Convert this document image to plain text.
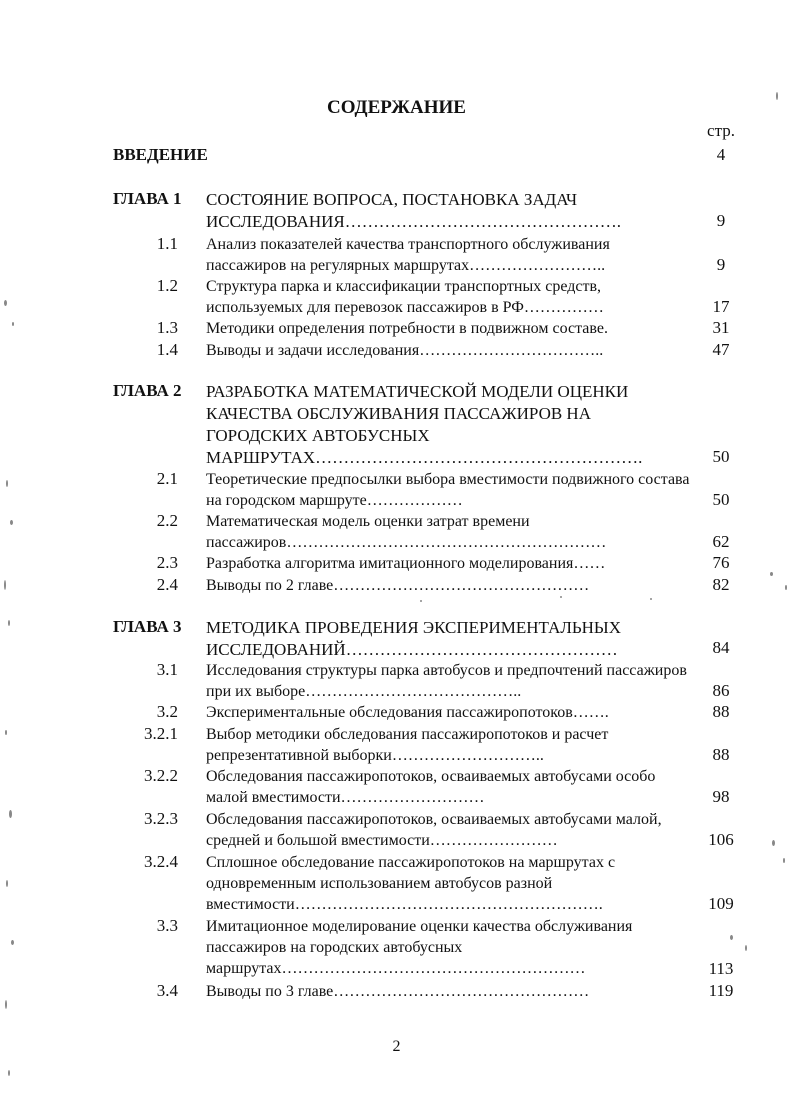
СОДЕРЖАНИЕ
стр.
ВВЕДЕНИЕ	4
ГЛАВА 1 СОСТОЯНИЕ ВОПРОСА, ПОСТАНОВКА ЗАДАЧ ИССЛЕДОВАНИЯ………………………………………….	9
1.1 Анализ показателей качества транспортного обслуживания пассажиров на регулярных маршрутах……………………..	9
1.2 Структура парка и классификации транспортных средств, используемых для перевозок пассажиров в РФ……………	17
1.3 Методики определения потребности в подвижном составе.	31
1.4 Выводы и задачи исследования……………………………..	47
ГЛАВА 2 РАЗРАБОТКА МАТЕМАТИЧЕСКОЙ МОДЕЛИ ОЦЕНКИ КАЧЕСТВА ОБСЛУЖИВАНИЯ ПАССАЖИРОВ НА ГОРОДСКИХ АВТОБУСНЫХ МАРШРУТАХ………………………………………………….	50
2.1 Теоретические предпосылки выбора вместимости подвижного состава на городском маршруте………………	50
2.2 Математическая модель оценки затрат времени пассажиров……………………………………………………	62
2.3 Разработка алгоритма имитационного моделирования……	76
2.4 Выводы по 2 главе…………………………………………	82
ГЛАВА 3 МЕТОДИКА ПРОВЕДЕНИЯ ЭКСПЕРИМЕНТАЛЬНЫХ ИССЛЕДОВАНИЙ…………………………………………	84
3.1 Исследования структуры парка автобусов и предпочтений пассажиров при их выборе…………………………………..	86
3.2 Экспериментальные обследования пассажиропотоков…….	88
3.2.1 Выбор методики обследования пассажиропотоков и расчет репрезентативной выборки………………………..	88
3.2.2 Обследования пассажиропотоков, осваиваемых автобусами особо малой вместимости………………………	98
3.2.3 Обследования пассажиропотоков, осваиваемых автобусами малой, средней и большой вместимости……………………	106
3.2.4 Сплошное обследование пассажиропотоков на маршрутах с одновременным использованием автобусов разной вместимости………………………………………………….	109
3.3 Имитационное моделирование оценки качества обслуживания пассажиров на городских автобусных маршрутах…………………………………………………	113
3.4 Выводы по 3 главе…………………………………………	119
2
